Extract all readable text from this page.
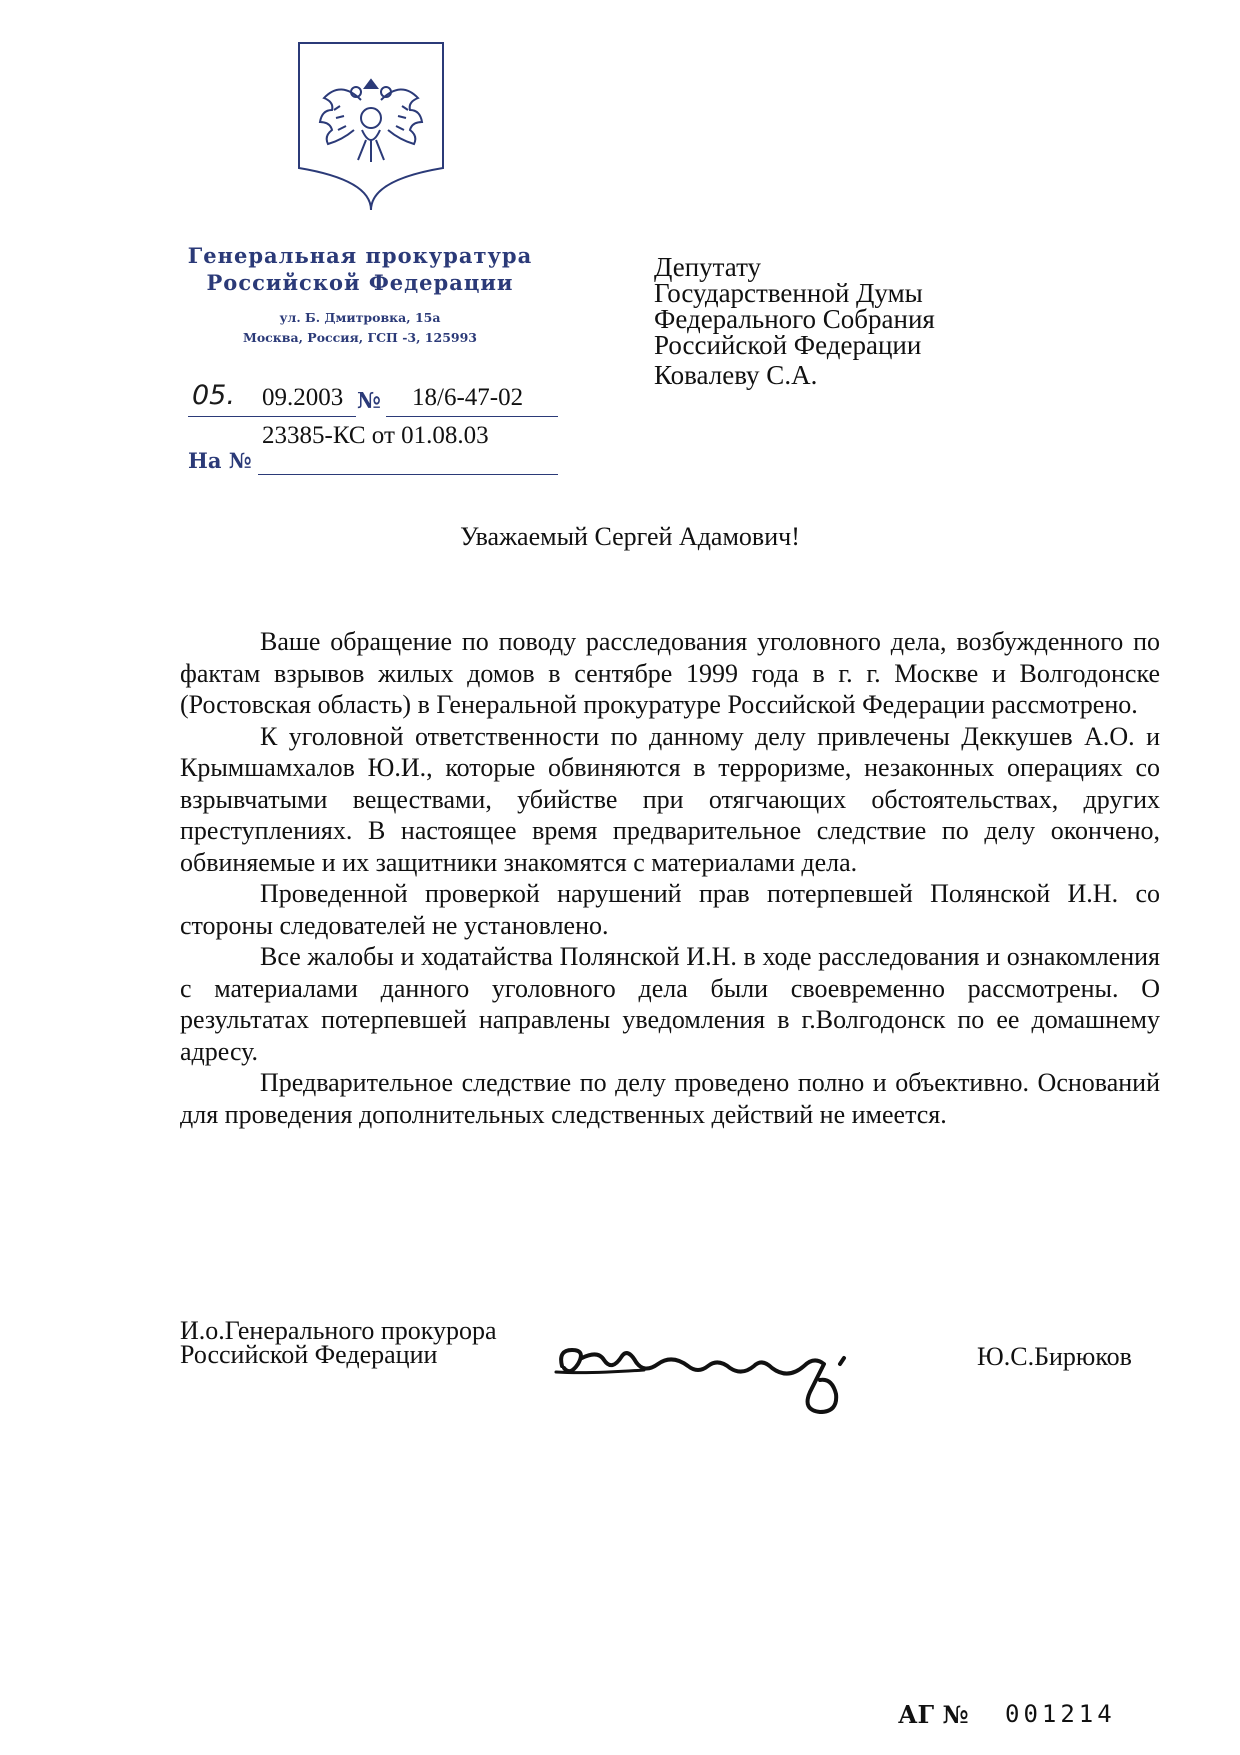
Генеральная прокуратура
Российской Федерации
ул. Б. Дмитровка, 15а
Москва, Россия, ГСП -3, 125993
05. 09.2003 № 18/6-47-02
23385-КС от 01.08.03
На №
Депутату
Государственной Думы
Федерального Собрания
Российской Федерации
Ковалеву С.А.
Уважаемый Сергей Адамович!

Ваше обращение по поводу расследования уголовного дела, возбужденного по фактам взрывов жилых домов в сентябре 1999 года в г. г. Москве и Волгодонске (Ростовская область) в Генеральной прокуратуре Российской Федерации рассмотрено.

К уголовной ответственности по данному делу привлечены Деккушев А.О. и Крымшамхалов Ю.И., которые обвиняются в терроризме, незаконных операциях со взрывчатыми веществами, убийстве при отягчающих обстоятельствах, других преступлениях. В настоящее время предварительное следствие по делу окончено, обвиняемые и их защитники знакомятся с материалами дела.

Проведенной проверкой нарушений прав потерпевшей Полянской И.Н. со стороны следователей не установлено.

Все жалобы и ходатайства Полянской И.Н. в ходе расследования и ознакомления с материалами данного уголовного дела были своевременно рассмотрены. О результатах потерпевшей направлены уведомления в г.Волгодонск по ее домашнему адресу.

Предварительное следствие по делу проведено полно и объективно. Оснований для проведения дополнительных следственных действий не имеется.

И.о.Генерального прокурора
Российской Федерации	Ю.С.Бирюков
АГ № 001214
